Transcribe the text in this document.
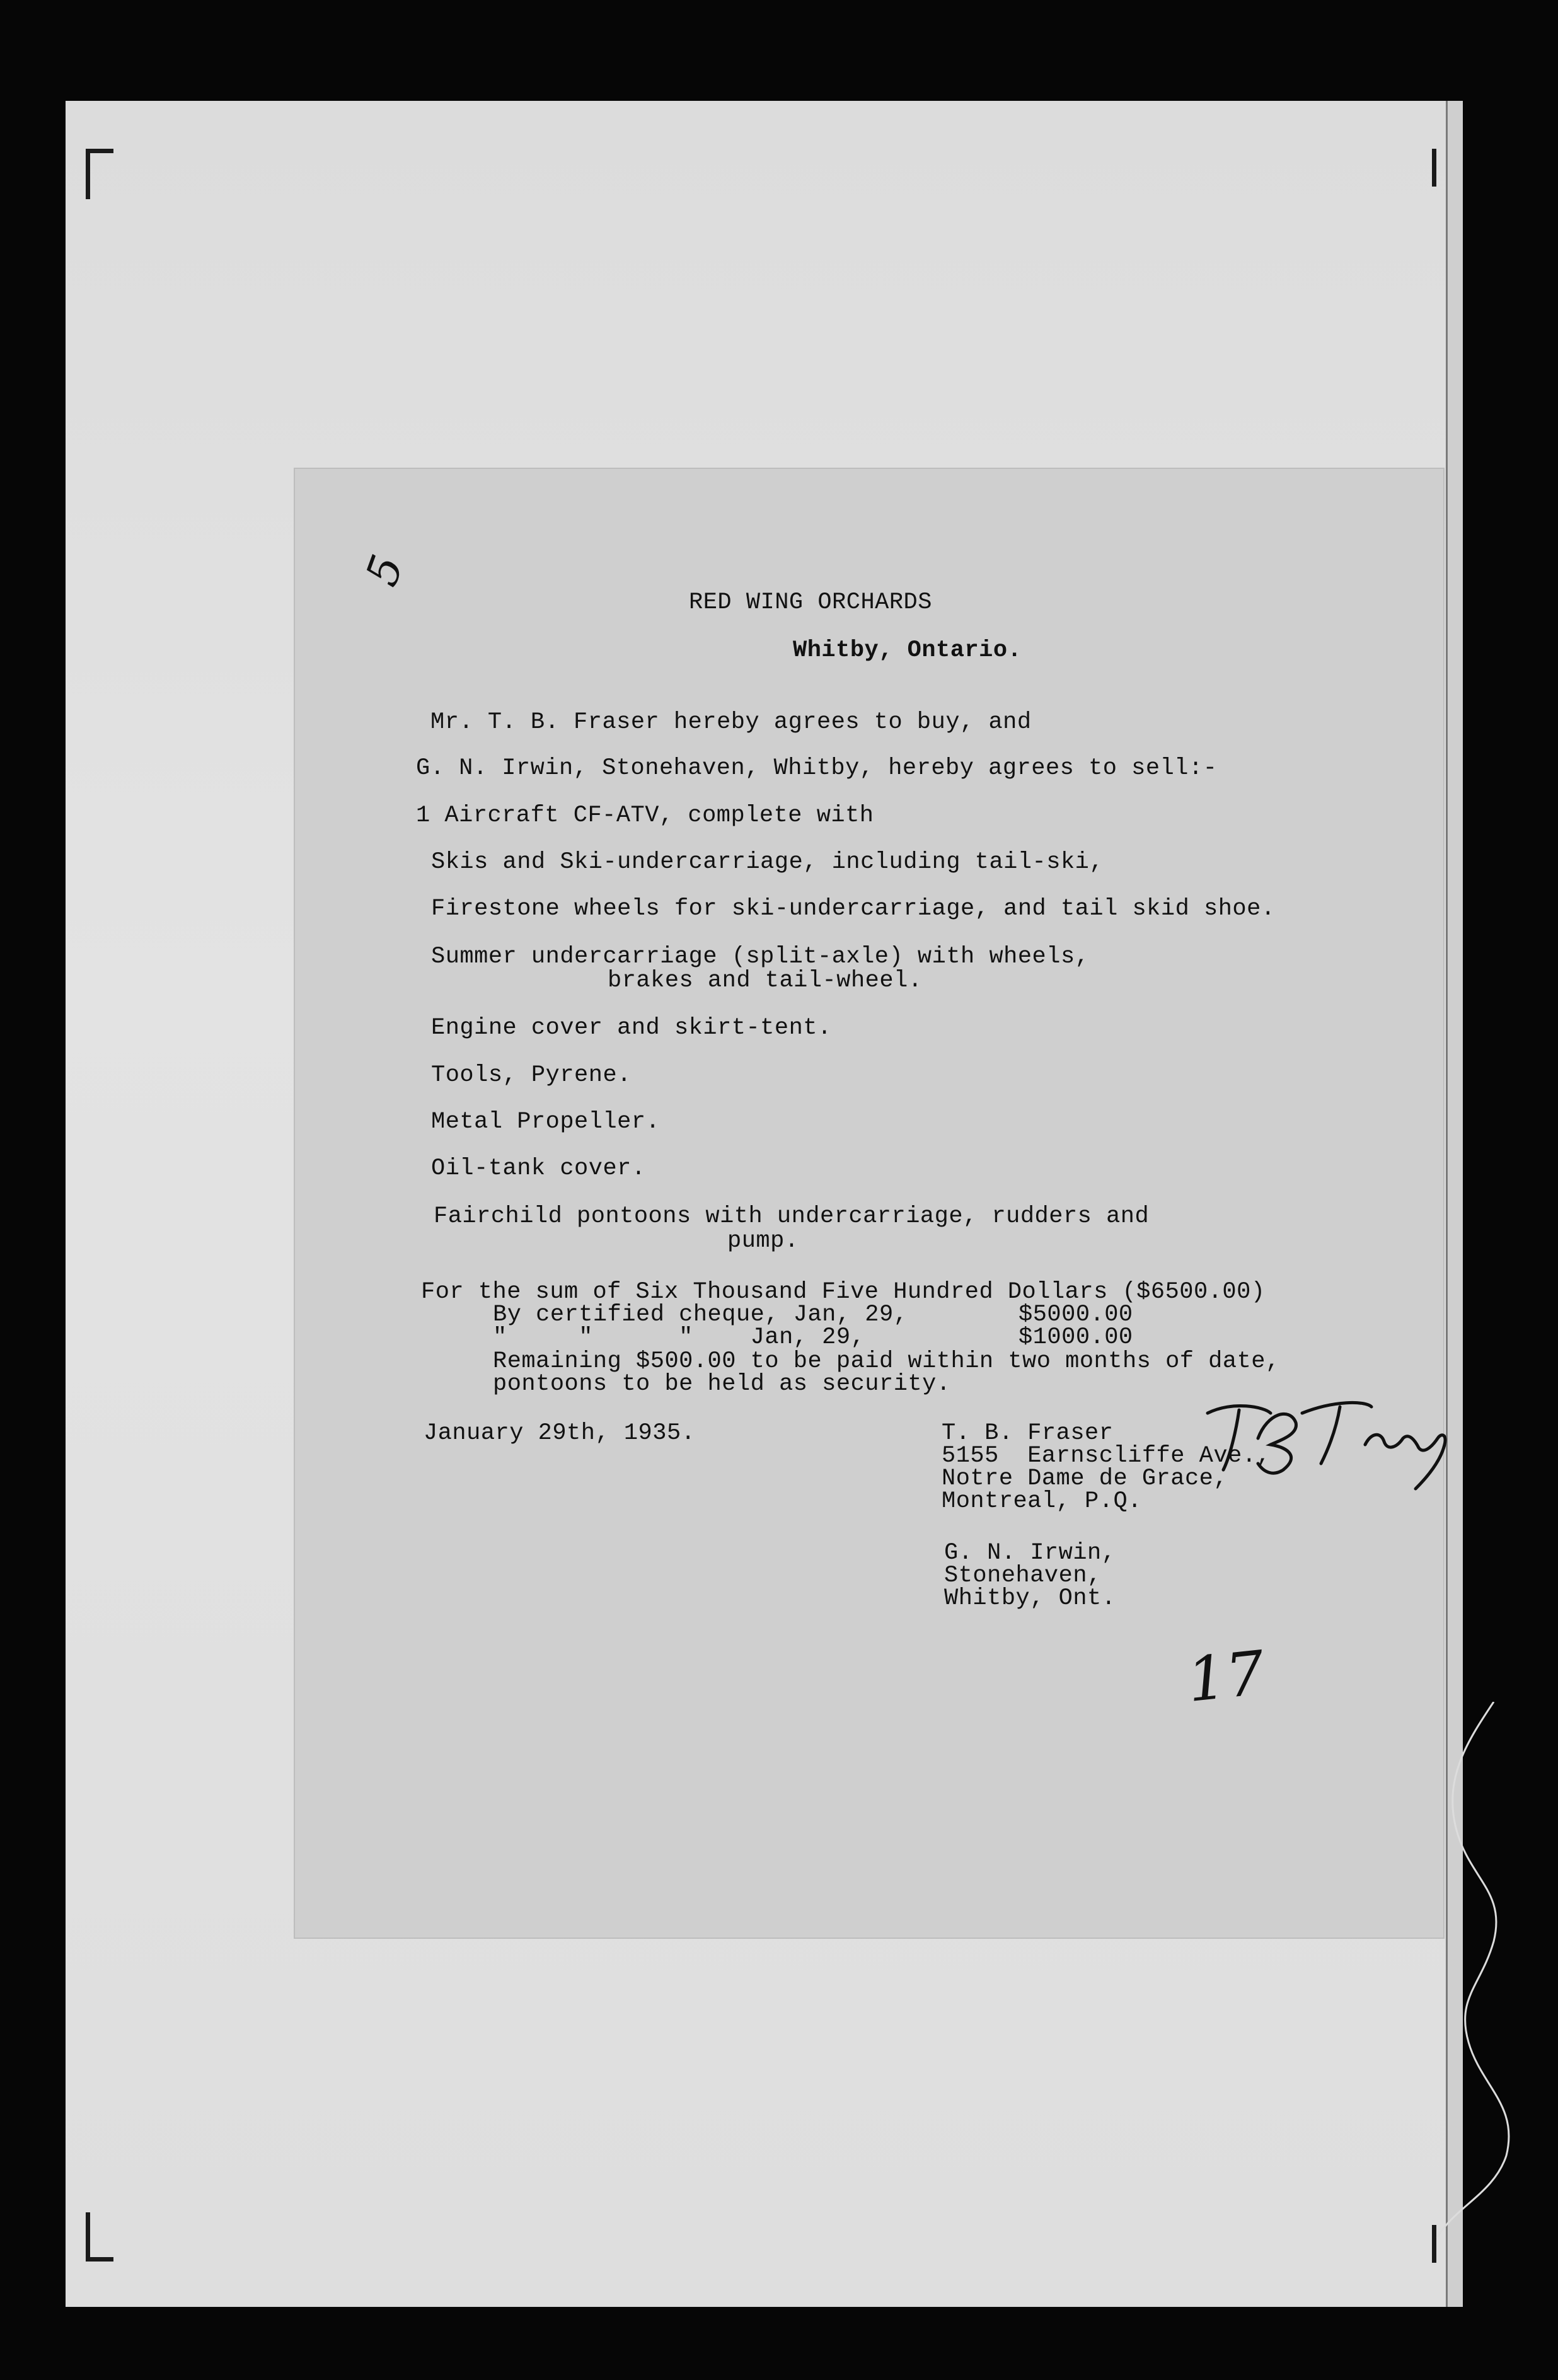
5
RED WING ORCHARDS
Whitby, Ontario.
Mr. T. B. Fraser hereby agrees to buy, and
G. N. Irwin, Stonehaven, Whitby, hereby agrees to sell:-
1 Aircraft CF-ATV, complete with
Skis and Ski-undercarriage, including tail-ski,
Firestone wheels for ski-undercarriage, and tail skid shoe.
Summer undercarriage (split-axle) with wheels,
brakes and tail-wheel.
Engine cover and skirt-tent.
Tools, Pyrene.
Metal Propeller.
Oil-tank cover.
Fairchild pontoons with undercarriage, rudders and
pump.
For the sum of Six Thousand Five Hundred Dollars ($6500.00)
By certified cheque, Jan, 29,	$5000.00
"     "      "    Jan, 29,	$1000.00
Remaining $500.00 to be paid within two months of date,
pontoons to be held as security.
January 29th, 1935.	T. B. Fraser
5155  Earnscliffe Ave.,
Notre Dame de Grace,
Montreal, P.Q.
G. N. Irwin,
Stonehaven,
Whitby, Ont.
17
